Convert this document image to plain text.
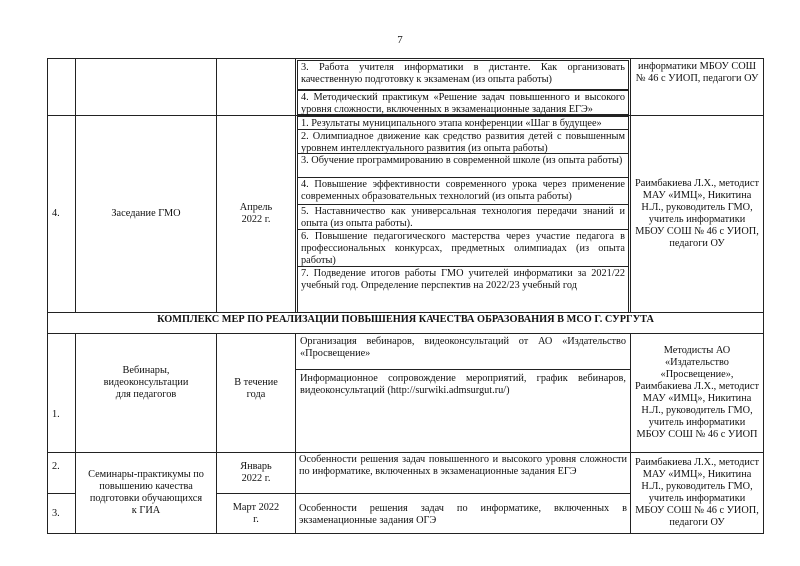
7
3. Работа учителя информатики в дистанте. Как организовать качественную подготовку к экзаменам (из опыта работы)
4. Методический практикум «Решение задач повышенного и высокого уровня сложности, включенных в экзаменационные задания ЕГЭ»
информатики МБОУ СОШ № 46 с УИОП, педагоги ОУ
4.	Заседание ГМО
Апрель 2022 г.
1. Результаты муниципального этапа конференции «Шаг в будущее»
2. Олимпиадное движение как средство развития детей с повышенным уровнем интеллектуального развития (из опыта работы)
3. Обучение программированию в современной школе (из опыта работы)
4. Повышение эффективности современного урока через применение современных образовательных технологий (из опыта работы)
5. Наставничество как универсальная технология передачи знаний и опыта (из опыта работы).
6. Повышение педагогического мастерства через участие педагога в профессиональных конкурсах, предметных олимпиадах (из опыта работы)
7. Подведение итогов работы ГМО учителей информатики за 2021/22 учебный год. Определение перспектив на 2022/23 учебный год
Раимбакиева Л.Х., методист МАУ «ИМЦ», Никитина Н.Л., руководитель ГМО, учитель информатики МБОУ СОШ № 46 с УИОП, педагоги ОУ
КОМПЛЕКС МЕР ПО РЕАЛИЗАЦИИ ПОВЫШЕНИЯ КАЧЕСТВА ОБРАЗОВАНИЯ В МСО Г. СУРГУТА
1.
Вебинары, видеоконсультации для педагогов
В течение года
Организация вебинаров, видеоконсультаций от АО «Издательство «Просвещение»
Информационное сопровождение мероприятий, график вебинаров, видеоконсультаций (http://surwiki.admsurgut.ru/)
Методисты АО «Издательство «Просвещение», Раимбакиева Л.Х., методист МАУ «ИМЦ», Никитина Н.Л., руководитель ГМО, учитель информатики МБОУ СОШ № 46 с УИОП
2.
3.
Семинары-практикумы по повышению качества подготовки обучающихся к ГИА
Январь 2022 г.
Март 2022 г.
Особенности решения задач повышенного и высокого уровня сложности по информатике, включенных в экзаменационные задания ЕГЭ
Особенности решения задач по информатике, включенных в экзаменационные задания ОГЭ
Раимбакиева Л.Х., методист МАУ «ИМЦ», Никитина Н.Л., руководитель ГМО, учитель информатики МБОУ СОШ № 46 с УИОП, педагоги ОУ
